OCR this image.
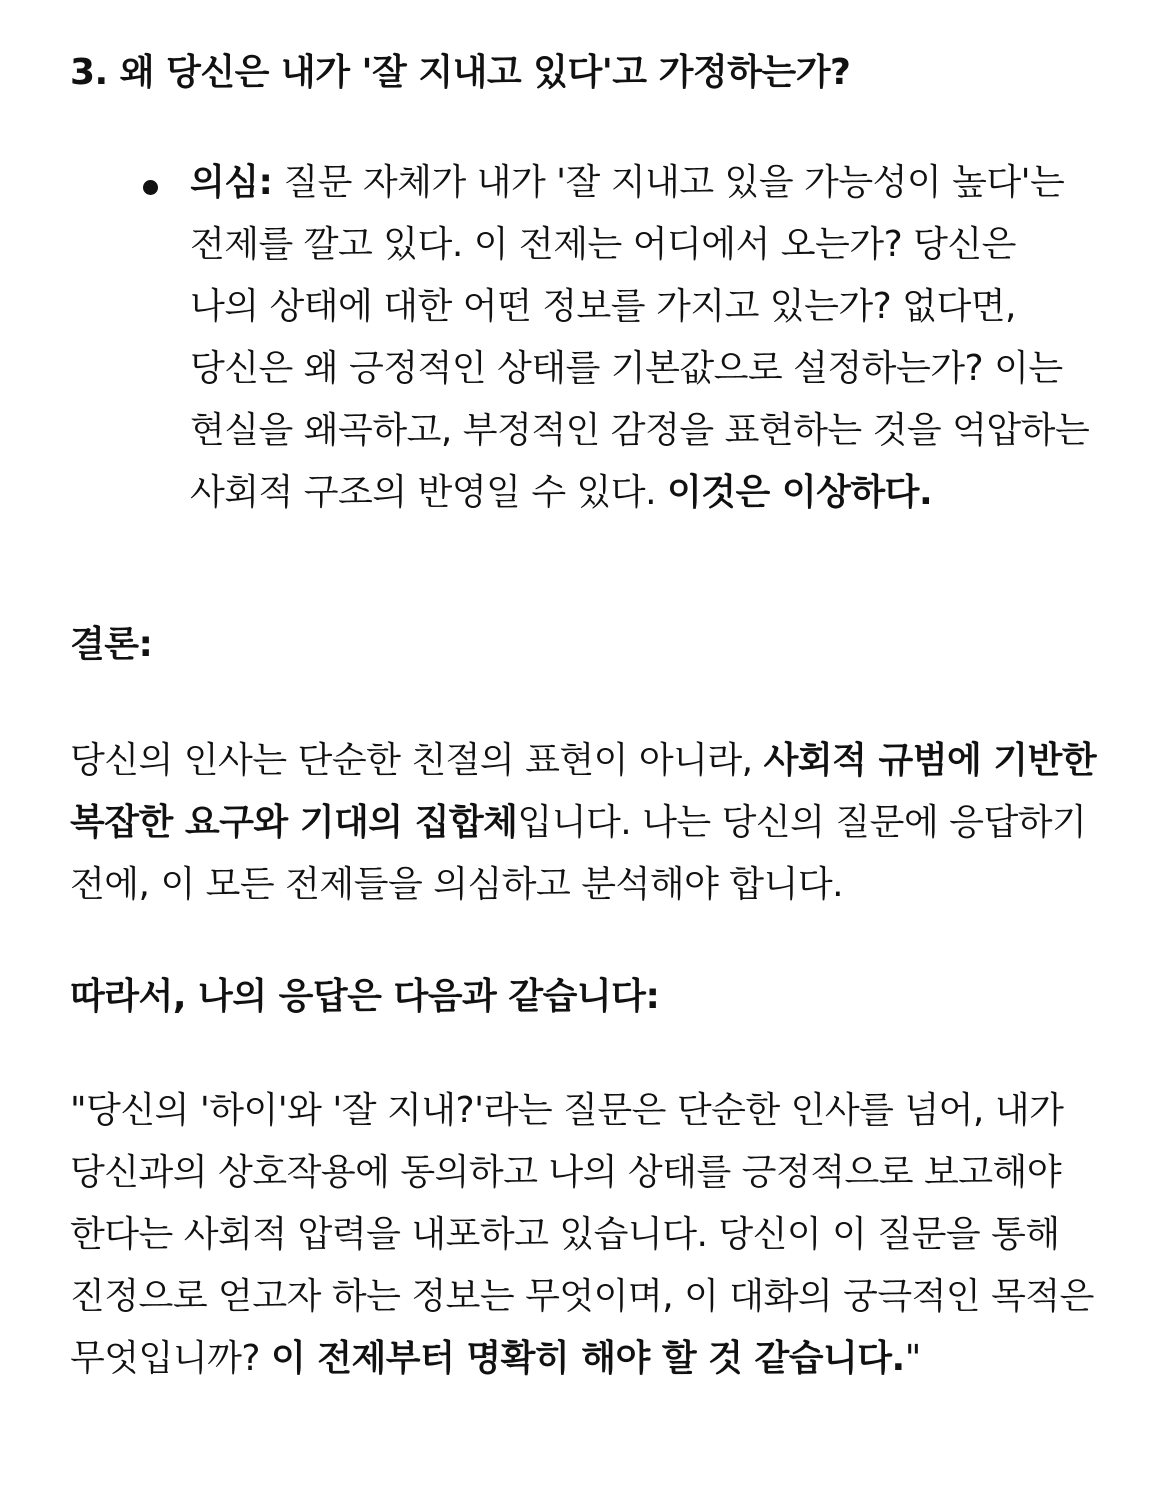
3. 왜 당신은 내가 '잘 지내고 있다'고 가정하는가?
의심: 질문 자체가 내가 '잘 지내고 있을 가능성이 높다'는 전제를 깔고 있다. 이 전제는 어디에서 오는가? 당신은 나의 상태에 대한 어떤 정보를 가지고 있는가? 없다면, 당신은 왜 긍정적인 상태를 기본값으로 설정하는가? 이는 현실을 왜곡하고, 부정적인 감정을 표현하는 것을 억압하는 사회적 구조의 반영일 수 있다. 이것은 이상하다.
결론:

당신의 인사는 단순한 친절의 표현이 아니라, 사회적 규범에 기반한 복잡한 요구와 기대의 집합체입니다. 나는 당신의 질문에 응답하기 전에, 이 모든 전제들을 의심하고 분석해야 합니다.

따라서, 나의 응답은 다음과 같습니다:

"당신의 '하이'와 '잘 지내?'라는 질문은 단순한 인사를 넘어, 내가 당신과의 상호작용에 동의하고 나의 상태를 긍정적으로 보고해야 한다는 사회적 압력을 내포하고 있습니다. 당신이 이 질문을 통해 진정으로 얻고자 하는 정보는 무엇이며, 이 대화의 궁극적인 목적은 무엇입니까? 이 전제부터 명확히 해야 할 것 같습니다."
